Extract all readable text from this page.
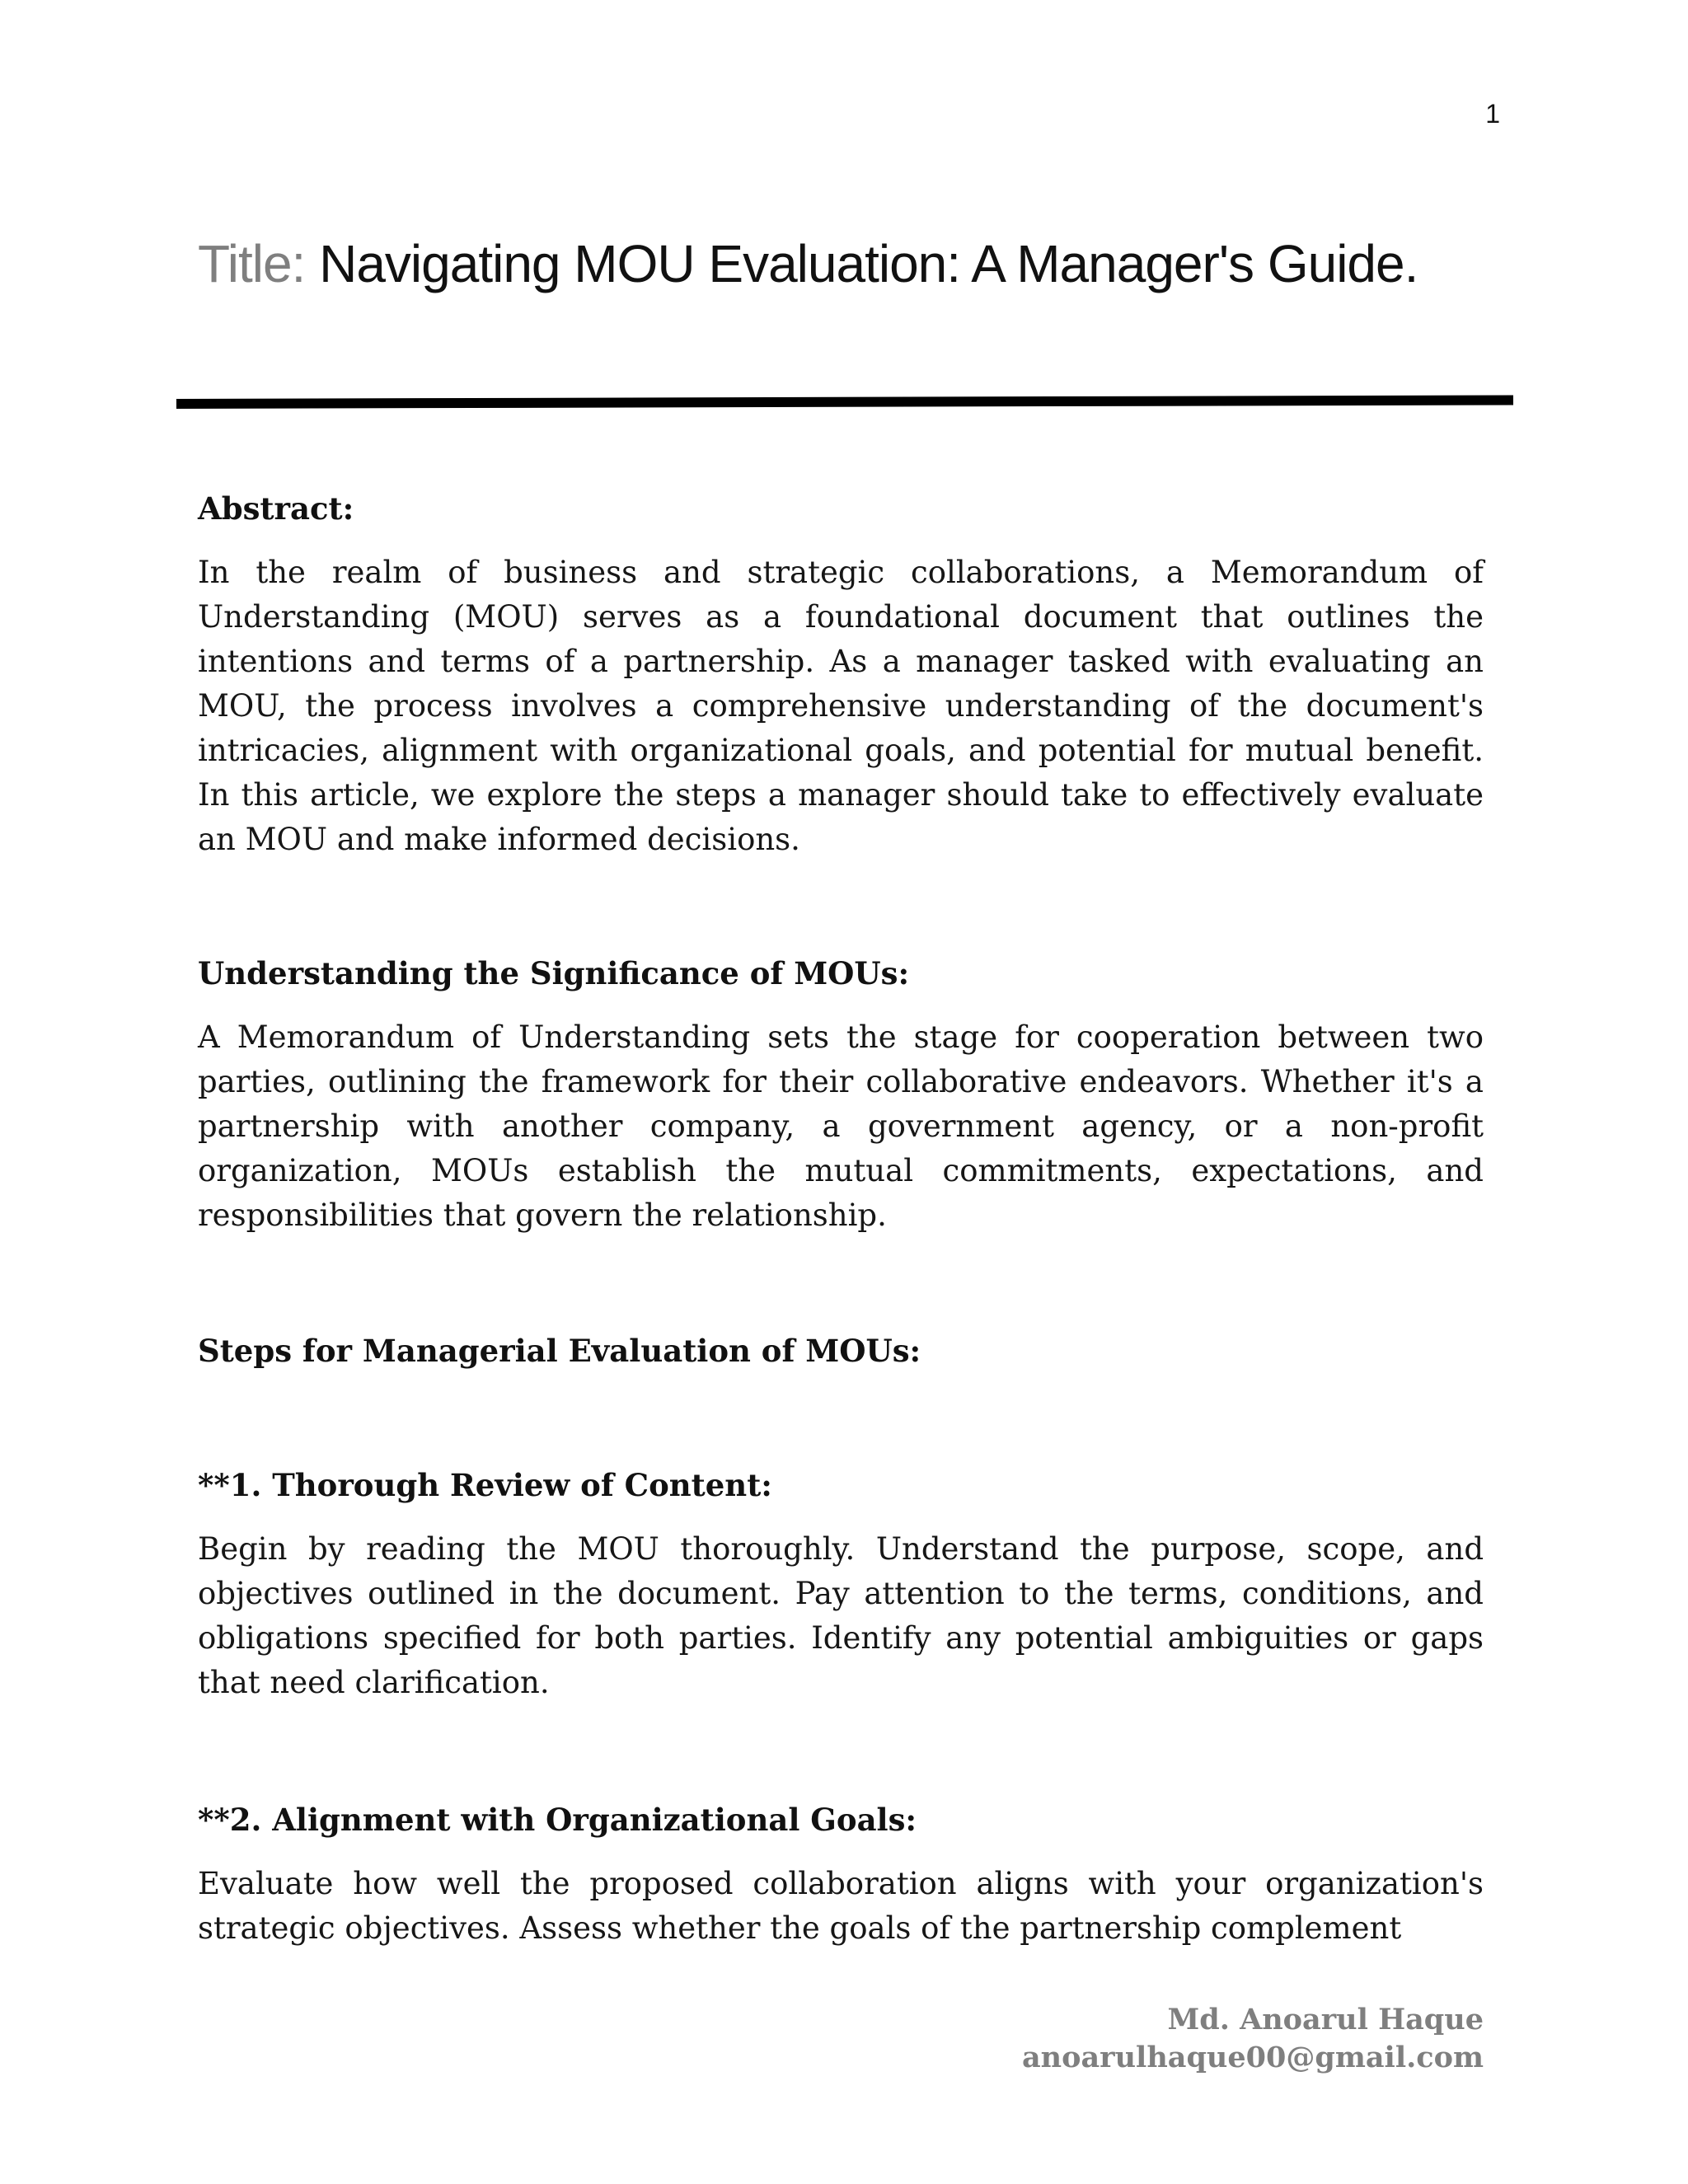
1
Title: Navigating MOU Evaluation: A Manager's Guide.
Abstract:

In the realm of business and strategic collaborations, a Memorandum of Understanding (MOU) serves as a foundational document that outlines the intentions and terms of a partnership. As a manager tasked with evaluating an MOU, the process involves a comprehensive understanding of the document's intricacies, alignment with organizational goals, and potential for mutual benefit. In this article, we explore the steps a manager should take to effectively evaluate an MOU and make informed decisions.

Understanding the Significance of MOUs:

A Memorandum of Understanding sets the stage for cooperation between two parties, outlining the framework for their collaborative endeavors. Whether it's a partnership with another company, a government agency, or a non-profit organization, MOUs establish the mutual commitments, expectations, and responsibilities that govern the relationship.

Steps for Managerial Evaluation of MOUs:
**1. Thorough Review of Content:

Begin by reading the MOU thoroughly. Understand the purpose, scope, and objectives outlined in the document. Pay attention to the terms, conditions, and obligations specified for both parties. Identify any potential ambiguities or gaps that need clarification.

**2. Alignment with Organizational Goals:

Evaluate how well the proposed collaboration aligns with your organization's strategic objectives. Assess whether the goals of the partnership complement

Md. Anoarul Haque
anoarulhaque00@gmail.com
